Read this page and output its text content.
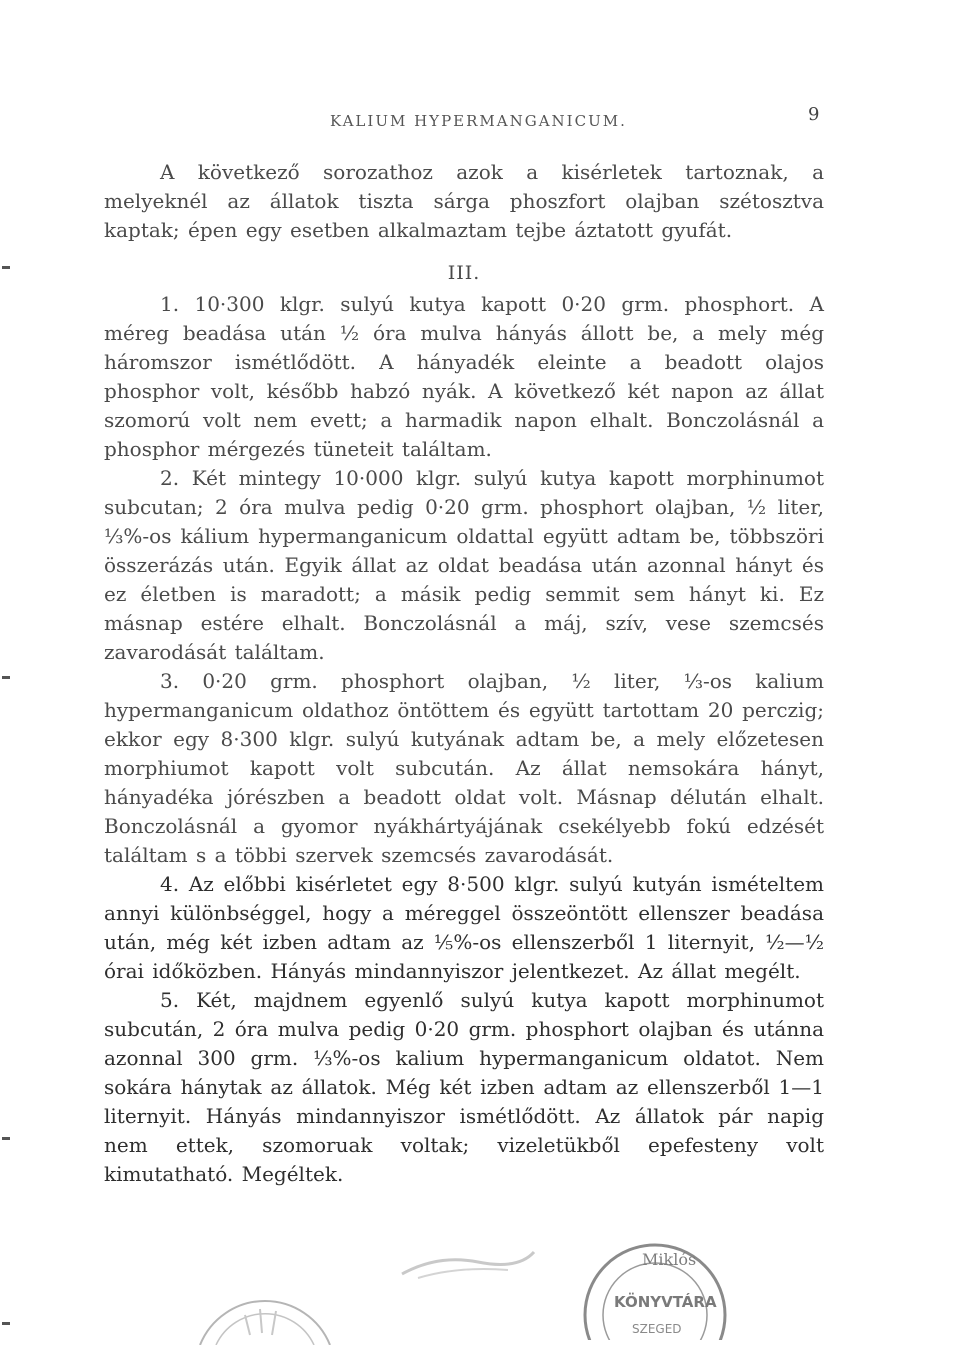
KALIUM HYPERMANGANICUM.	9

A következő sorozathoz azok a kisérletek tartoznak, a melyeknél az állatok tiszta sárga phoszfort olajban szétosztva kaptak; épen egy esetben alkalmaztam tejbe áztatott gyufát.

III.

1. 10·300 klgr. sulyú kutya kapott 0·20 grm. phosphort. A méreg beadása után ½ óra mulva hányás állott be, a mely még háromszor ismétlődött. A hányadék eleinte a beadott olajos phosphor volt, később habzó nyák. A következő két napon az állat szomorú volt nem evett; a harmadik napon elhalt. Bonczolásnál a phosphor mérgezés tüneteit találtam.

2. Két mintegy 10·000 klgr. sulyú kutya kapott morphinumot subcutan; 2 óra mulva pedig 0·20 grm. phosphort olajban, ½ liter, ⅓%-os kálium hypermanganicum oldattal együtt adtam be, többszöri összerázás után. Egyik állat az oldat beadása után azonnal hányt és ez életben is maradott; a másik pedig semmit sem hányt ki. Ez másnap estére elhalt. Bonczolásnál a máj, szív, vese szemcsés zavarodását találtam.

3. 0·20 grm. phosphort olajban, ½ liter, ⅓-os kalium hypermanganicum oldathoz öntöttem és együtt tartottam 20 perczig; ekkor egy 8·300 klgr. sulyú kutyának adtam be, a mely előzetesen morphiumot kapott volt subcután. Az állat nemsokára hányt, hányadéka jórészben a beadott oldat volt. Másnap délután elhalt. Bonczolásnál a gyomor nyákhártyájának csekélyebb fokú edzését találtam s a többi szervek szemcsés zavarodását.

4. Az előbbi kisérletet egy 8·500 klgr. sulyú kutyán ismételtem annyi különbséggel, hogy a méreggel összeöntött ellenszer beadása után, még két izben adtam az ⅕%-os ellenszerből 1 liternyit, ½—½ órai időközben. Hányás mindannyiszor jelentkezet. Az állat megélt.

5. Két, majdnem egyenlő sulyú kutya kapott morphinumot subcután, 2 óra mulva pedig 0·20 grm. phosphort olajban és utánna azonnal 300 grm. ⅓%-os kalium hypermanganicum oldatot. Nem sokára hánytak az állatok. Még két izben adtam az ellenszerből 1—1 liternyit. Hányás mindannyiszor ismétlődött. Az állatok pár napig nem ettek, szomoruak voltak; vizeletükből epefesteny volt kimutatható. Megéltek.

Miklós
KÖNYVTÁRA
SZEGED
